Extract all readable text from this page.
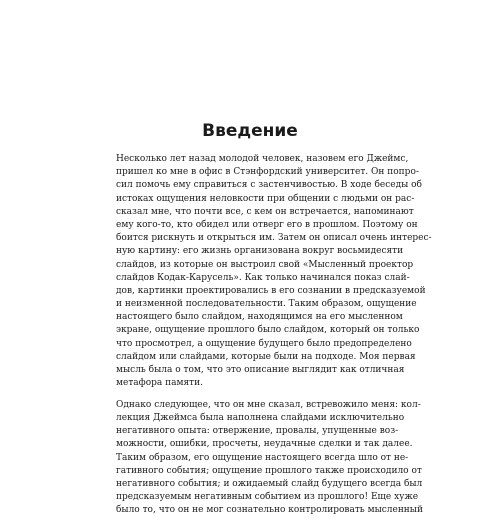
Введение

Несколько лет назад молодой человек, назовем его Джеймс,
пришел ко мне в офис в Стэнфордский университет. Он попро-
сил помочь ему справиться с застенчивостью. В ходе беседы об
истоках ощущения неловкости при общении с людьми он рас-
сказал мне, что почти все, с кем он встречается, напоминают
ему кого-то, кто обидел или отверг его в прошлом. Поэтому он
боится рискнуть и открыться им. Затем он описал очень интерес-
ную картину: его жизнь организована вокруг восьмидесяти
слайдов, из которые он выстроил свой «Мысленный проектор
слайдов Кодак-Карусель». Как только начинался показ слай-
дов, картинки проектировались в его сознании в предсказуемой
и неизменной последовательности. Таким образом, ощущение
настоящего было слайдом, находящимся на его мысленном
экране, ощущение прошлого было слайдом, который он только
что просмотрел, а ощущение будущего было предопределено
слайдом или слайдами, которые были на подходе. Моя первая
мысль была о том, что это описание выглядит как отличная
метафора памяти.

Однако следующее, что он мне сказал, встревожило меня: кол-
лекция Джеймса была наполнена слайдами исключительно
негативного опыта: отвержение, провалы, упущенные воз-
можности, ошибки, просчеты, неудачные сделки и так далее.
Таким образом, его ощущение настоящего всегда шло от не-
гативного события; ощущение прошлого также происходило от
негативного события; и ожидаемый слайд будущего всегда был
предсказуемым негативным событием из прошлого! Еще хуже
было то, что он не мог сознательно контролировать мысленный
